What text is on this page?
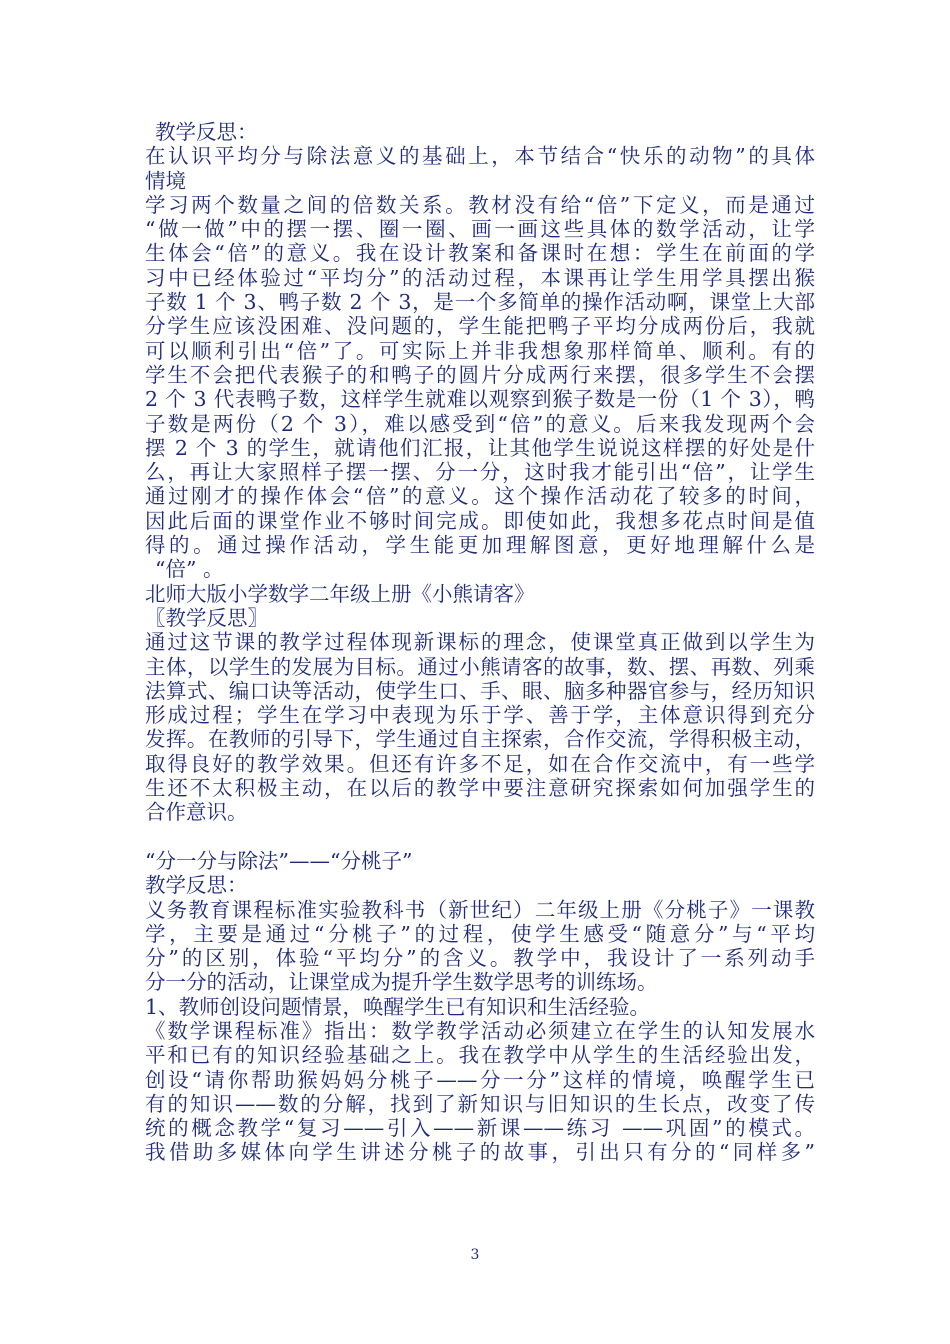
教学反思：
在认识平均分与除法意义的基础上，本节结合“快乐的动物”的具体
情境
学习两个数量之间的倍数关系。教材没有给“倍”下定义，而是通过
“做一做”中的摆一摆、圈一圈、画一画这些具体的数学活动，让学
生体会“倍”的意义。我在设计教案和备课时在想：学生在前面的学
习中已经体验过“平均分”的活动过程，本课再让学生用学具摆出猴
子数 1 个 3、鸭子数 2 个 3，是一个多简单的操作活动啊，课堂上大部
分学生应该没困难、没问题的，学生能把鸭子平均分成两份后，我就
可以顺利引出“倍”了。可实际上并非我想象那样简单、顺利。有的
学生不会把代表猴子的和鸭子的圆片分成两行来摆，很多学生不会摆
2 个 3 代表鸭子数，这样学生就难以观察到猴子数是一份（1 个 3），鸭
子数是两份（2 个 3），难以感受到“倍”的意义。后来我发现两个会
摆 2 个 3 的学生，就请他们汇报，让其他学生说说这样摆的好处是什
么，再让大家照样子摆一摆、分一分，这时我才能引出“倍”，让学生
通过刚才的操作体会“倍”的意义。这个操作活动花了较多的时间，
因此后面的课堂作业不够时间完成。即使如此，我想多花点时间是值
得的。通过操作活动，学生能更加理解图意，更好地理解什么是
“倍” 。
北师大版小学数学二年级上册《小熊请客》
〖教学反思〗
通过这节课的教学过程体现新课标的理念，使课堂真正做到以学生为
主体，以学生的发展为目标。通过小熊请客的故事，数、摆、再数、列乘
法算式、编口诀等活动，使学生口、手、眼、脑多种器官参与，经历知识
形成过程；学生在学习中表现为乐于学、善于学，主体意识得到充分
发挥。在教师的引导下，学生通过自主探索，合作交流，学得积极主动，
取得良好的教学效果。但还有许多不足，如在合作交流中，有一些学
生还不太积极主动，在以后的教学中要注意研究探索如何加强学生的
合作意识。
“分一分与除法”——“分桃子”
教学反思：
义务教育课程标准实验教科书（新世纪）二年级上册《分桃子》一课教
学，主要是通过“分桃子”的过程，使学生感受“随意分”与“平均
分”的区别，体验“平均分”的含义。教学中，我设计了一系列动手
分一分的活动，让课堂成为提升学生数学思考的训练场。
1、教师创设问题情景，唤醒学生已有知识和生活经验。
《数学课程标准》指出：数学教学活动必须建立在学生的认知发展水
平和已有的知识经验基础之上。我在教学中从学生的生活经验出发，
创设“请你帮助猴妈妈分桃子——分一分”这样的情境，唤醒学生已
有的知识——数的分解，找到了新知识与旧知识的生长点，改变了传
统的概念教学“复习——引入——新课——练习 ——巩固”的模式。
我借助多媒体向学生讲述分桃子的故事，引出只有分的“同样多”
3
